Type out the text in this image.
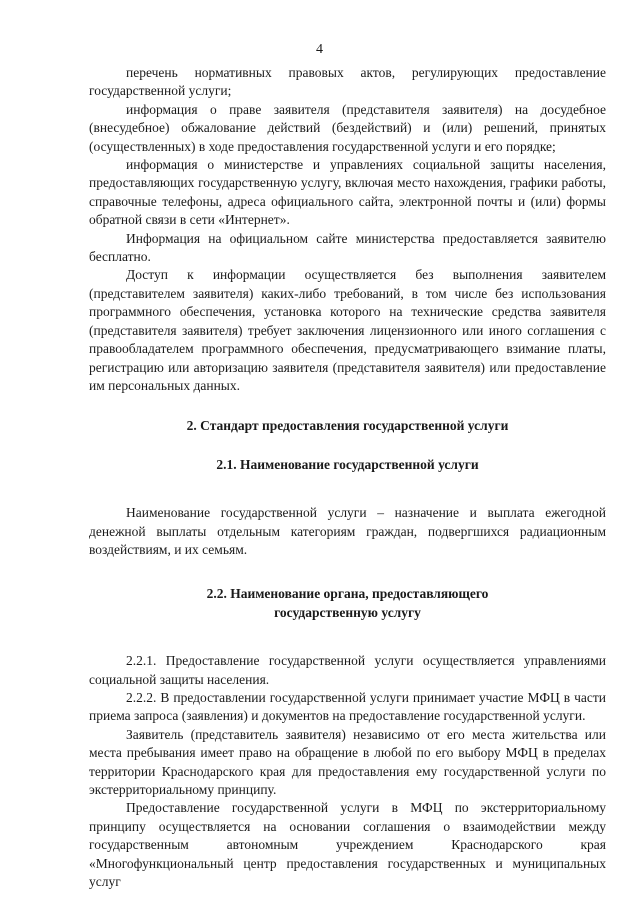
4

перечень нормативных правовых актов, регулирующих предоставление государственной услуги;

информация о праве заявителя (представителя заявителя) на досудебное (внесудебное) обжалование действий (бездействий) и (или) решений, принятых (осуществленных) в ходе предоставления государственной услуги и его порядке;

информация о министерстве и управлениях социальной защиты населения, предоставляющих государственную услугу, включая место нахождения, графики работы, справочные телефоны, адреса официального сайта, электронной почты и (или) формы обратной связи в сети «Интернет».

Информация на официальном сайте министерства предоставляется заявителю бесплатно.

Доступ к информации осуществляется без выполнения заявителем (представителем заявителя) каких-либо требований, в том числе без использования программного обеспечения, установка которого на технические средства заявителя (представителя заявителя) требует заключения лицензионного или иного соглашения с правообладателем программного обеспечения, предусматривающего взимание платы, регистрацию или авторизацию заявителя (представителя заявителя) или предоставление им персональных данных.

2. Стандарт предоставления государственной услуги
2.1. Наименование государственной услуги

Наименование государственной услуги – назначение и выплата ежегодной денежной выплаты отдельным категориям граждан, подвергшихся радиационным воздействиям, и их семьям.

2.2. Наименование органа, предоставляющего
государственную услугу

2.2.1. Предоставление государственной услуги осуществляется управлениями социальной защиты населения.

2.2.2. В предоставлении государственной услуги принимает участие МФЦ в части приема запроса (заявления) и документов на предоставление государственной услуги.

Заявитель (представитель заявителя) независимо от его места жительства или места пребывания имеет право на обращение в любой по его выбору МФЦ в пределах территории Краснодарского края для предоставления ему государственной услуги по экстерриториальному принципу.

Предоставление государственной услуги в МФЦ по экстерриториальному принципу осуществляется на основании соглашения о взаимодействии между государственным автономным учреждением Краснодарского края «Многофункциональный центр предоставления государственных и муниципальных услуг
